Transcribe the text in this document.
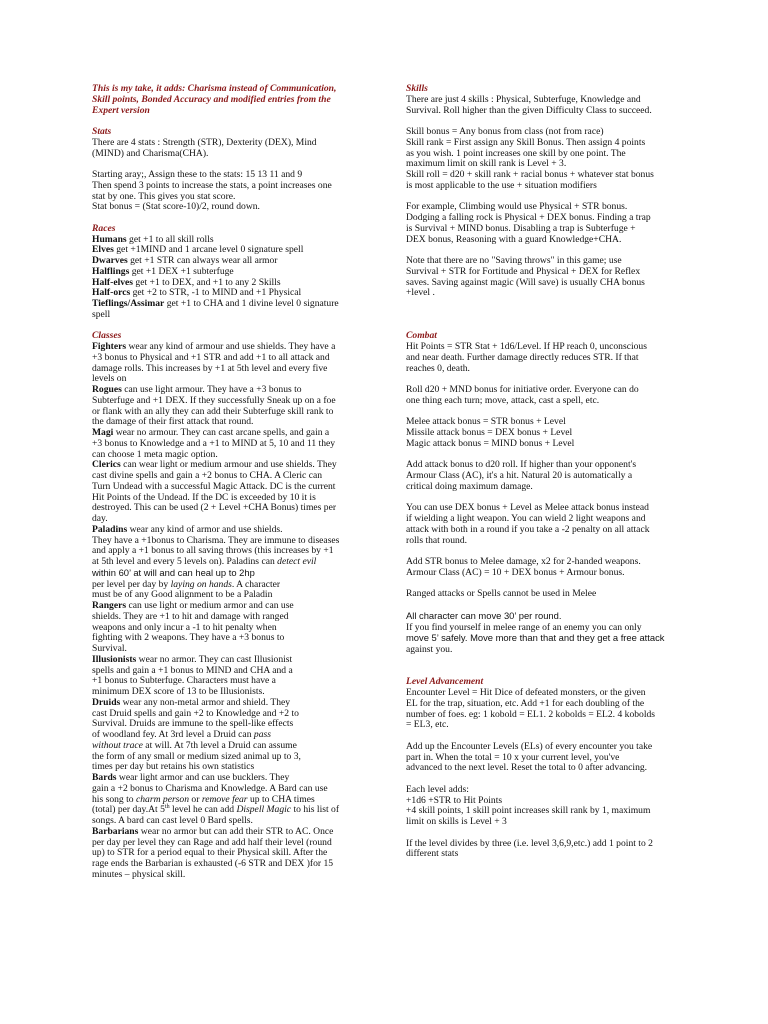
This is my take, it adds: Charisma instead of Communication,
Skill points, Bonded Accuracy and modified entries from the
Expert version
Stats

There are 4 stats : Strength (STR), Dexterity (DEX), Mind
(MIND) and Charisma(CHA).

Starting aray;, Assign these to the stats: 15 13 11 and 9
Then spend 3 points to increase the stats, a point increases one
stat by one. This gives you stat score.
Stat bonus = (Stat score-10)/2, round down.

Races
Humans get +1 to all skill rolls
Elves get +1MIND and 1 arcane level 0 signature spell
Dwarves get +1 STR can always wear all armor
Halflings get +1 DEX +1 subterfuge
Half-elves get +1 to DEX, and +1 to any 2 Skills
Half-orcs get +2 to STR, -1 to MIND and +1 Physical
Tieflings/Assimar get +1 to CHA and 1 divine level 0 signature
spell
Classes
Fighters wear any kind of armour and use shields. They have a
+3 bonus to Physical and +1 STR and add +1 to all attack and
damage rolls. This increases by +1 at 5th level and every five
levels on
Rogues can use light armour. They have a +3 bonus to
Subterfuge and +1 DEX. If they successfully Sneak up on a foe
or flank with an ally they can add their Subterfuge skill rank to
the damage of their first attack that round.
Magi wear no armour. They can cast arcane spells, and gain a
+3 bonus to Knowledge and a +1 to MIND at 5, 10 and 11 they
can choose 1 meta magic option.
Clerics can wear light or medium armour and use shields. They
cast divine spells and gain a +2 bonus to CHA. A Cleric can
Turn Undead with a successful Magic Attack. DC is the current
Hit Points of the Undead. If the DC is exceeded by 10 it is
destroyed. This can be used (2 + Level +CHA Bonus) times per
day.
Paladins wear any kind of armor and use shields.
They have a +1bonus to Charisma. They are immune to diseases
and apply a +1 bonus to all saving throws (this increases by +1
at 5th level and every 5 levels on). Paladins can detect evil
within 60’ at will and can heal up to 2hp
per level per day by laying on hands. A character
must be of any Good alignment to be a Paladin
Rangers can use light or medium armor and can use
shields. They are +1 to hit and damage with ranged
weapons and only incur a -1 to hit penalty when
fighting with 2 weapons. They have a +3 bonus to
Survival.
Illusionists wear no armor. They can cast Illusionist
spells and gain a +1 bonus to MIND and CHA and a
+1 bonus to Subterfuge. Characters must have a
minimum DEX score of 13 to be Illusionists.
Druids wear any non-metal armor and shield. They
cast Druid spells and gain +2 to Knowledge and +2 to
Survival. Druids are immune to the spell-like effects
of woodland fey. At 3rd level a Druid can pass
without trace at will. At 7th level a Druid can assume
the form of any small or medium sized animal up to 3,
times per day but retains his own statistics
Bards wear light armor and can use bucklers. They
gain a +2 bonus to Charisma and Knowledge. A Bard can use
his song to charm person or remove fear up to CHA times
(total) per day.At 5th level he can add Dispell Magic to his list of
songs. A bard can cast level 0 Bard spells.
Barbarians wear no armor but can add their STR to AC. Once
per day per level they can Rage and add half their level (round
up) to STR for a period equal to their Physical skill. After the
rage ends the Barbarian is exhausted (-6 STR and DEX )for 15
minutes – physical skill.
Skills

There are just 4 skills : Physical, Subterfuge, Knowledge and
Survival. Roll higher than the given Difficulty Class to succeed.

Skill bonus = Any bonus from class (not from race)
Skill rank = First assign any Skill Bonus. Then assign 4 points
as you wish. 1 point increases one skill by one point. The
maximum limit on skill rank is Level + 3.
Skill roll = d20 + skill rank + racial bonus + whatever stat bonus
is most applicable to the use + situation modifiers

For example, Climbing would use Physical + STR bonus.
Dodging a falling rock is Physical + DEX bonus. Finding a trap
is Survival + MIND bonus. Disabling a trap is Subterfuge +
DEX bonus, Reasoning with a guard Knowledge+CHA.

Note that there are no "Saving throws" in this game; use
Survival + STR for Fortitude and Physical + DEX for Reflex
saves. Saving against magic (Will save) is usually CHA bonus
+level .

Combat

Hit Points = STR Stat + 1d6/Level. If HP reach 0, unconscious
and near death. Further damage directly reduces STR. If that
reaches 0, death.

Roll d20 + MND bonus for initiative order. Everyone can do
one thing each turn; move, attack, cast a spell, etc.

Melee attack bonus = STR bonus + Level
Missile attack bonus = DEX bonus + Level
Magic attack bonus = MIND bonus + Level

Add attack bonus to d20 roll. If higher than your opponent's
Armour Class (AC), it's a hit. Natural 20 is automatically a
critical doing maximum damage.

You can use DEX bonus + Level as Melee attack bonus instead
if wielding a light weapon. You can wield 2 light weapons and
attack with both in a round if you take a -2 penalty on all attack
rolls that round.

Add STR bonus to Melee damage, x2 for 2-handed weapons.
Armour Class (AC) = 10 + DEX bonus + Armour bonus.

Ranged attacks or Spells cannot be used in Melee

All character can move 30’ per round.
If you find yourself in melee range of an enemy you can only
move 5’ safely. Move more than that and they get a free attack
against you.

Level Advancement

Encounter Level = Hit Dice of defeated monsters, or the given
EL for the trap, situation, etc. Add +1 for each doubling of the
number of foes. eg: 1 kobold = EL1. 2 kobolds = EL2. 4 kobolds
= EL3, etc.

Add up the Encounter Levels (ELs) of every encounter you take
part in. When the total = 10 x your current level, you've
advanced to the next level. Reset the total to 0 after advancing.

Each level adds:
+1d6 +STR to Hit Points
+4 skill points, 1 skill point increases skill rank by 1, maximum
limit on skills is Level + 3

If the level divides by three (i.e. level 3,6,9,etc.) add 1 point to 2
different stats
